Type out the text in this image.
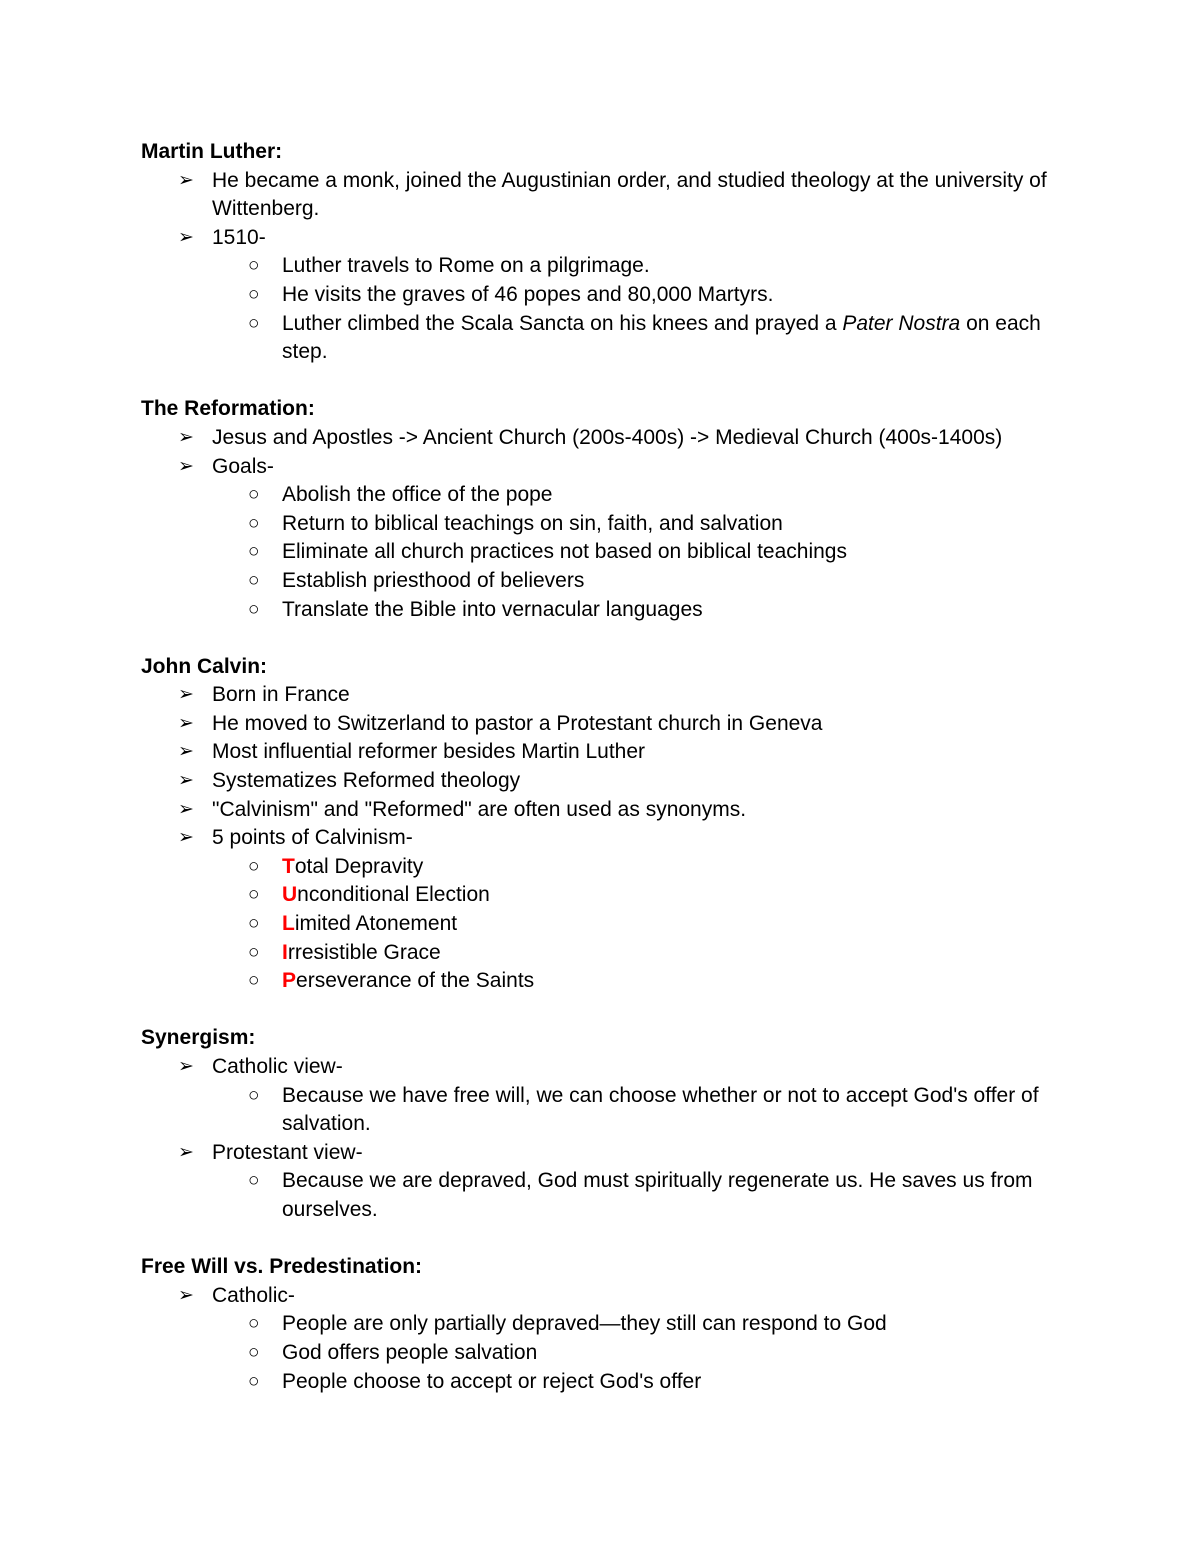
Martin Luther:

➢ He became a monk, joined the Augustinian order, and studied theology at the university of Wittenberg.
➢ 1510-
○ Luther travels to Rome on a pilgrimage.
○ He visits the graves of 46 popes and 80,000 Martyrs.
○ Luther climbed the Scala Sancta on his knees and prayed a Pater Nostra on each step.

The Reformation:

➢ Jesus and Apostles -> Ancient Church (200s-400s) -> Medieval Church (400s-1400s)
➢ Goals-
○ Abolish the office of the pope
○ Return to biblical teachings on sin, faith, and salvation
○ Eliminate all church practices not based on biblical teachings
○ Establish priesthood of believers
○ Translate the Bible into vernacular languages

John Calvin:

➢ Born in France
➢ He moved to Switzerland to pastor a Protestant church in Geneva
➢ Most influential reformer besides Martin Luther
➢ Systematizes Reformed theology
➢ "Calvinism" and "Reformed" are often used as synonyms.
➢ 5 points of Calvinism-
○ Total Depravity
○ Unconditional Election
○ Limited Atonement
○ Irresistible Grace
○ Perseverance of the Saints

Synergism:

➢ Catholic view-
○ Because we have free will, we can choose whether or not to accept God's offer of salvation.
➢ Protestant view-
○ Because we are depraved, God must spiritually regenerate us. He saves us from ourselves.

Free Will vs. Predestination:

➢ Catholic-
○ People are only partially depraved—they still can respond to God
○ God offers people salvation
○ People choose to accept or reject God's offer
